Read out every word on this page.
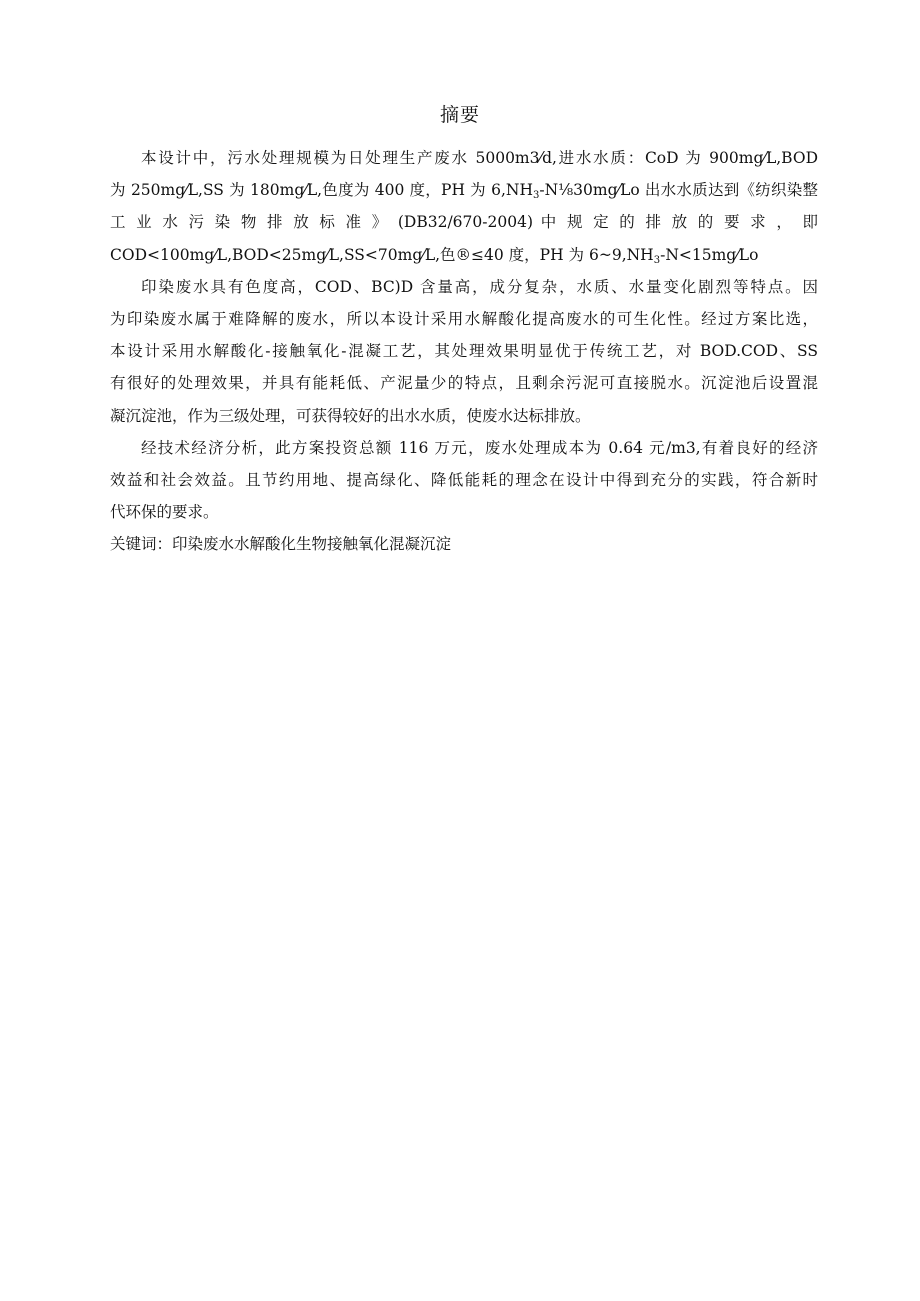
摘要
本设计中，污水处理规模为日处理生产废水 5000m3⁄d,进水水质：CoD 为 900mg⁄L,BOD
为 250mg⁄L,SS 为 180mg⁄L,色度为 400 度，PH 为 $6,NH_3-N\frac{1}{8}30mg⁄Lo$ 出水水质达到《纺织染整
工 业 水 污 染 物 排 放 标 准 》 (DB32/670-2004) 中 规 定 的 排 放 的 要 求 ， 即
COD<100mg⁄L,BOD<25mg⁄L,SS<70mg⁄L,色®≤40 度，PH 为 $6\sim 9,NH_3-N<15mg⁄Lo$
印染废水具有色度高，COD、BC)D 含量高，成分复杂，水质、水量变化剧烈等特点。因
为印染废水属于难降解的废水，所以本设计采用水解酸化提高废水的可生化性。经过方案比选，
本设计采用水解酸化-接触氧化-混凝工艺，其处理效果明显优于传统工艺，对 BOD.COD、SS
有很好的处理效果，并具有能耗低、产泥量少的特点，且剩余污泥可直接脱水。沉淀池后设置混
凝沉淀池，作为三级处理，可获得较好的出水水质，使废水达标排放。
经技术经济分析，此方案投资总额 116 万元，废水处理成本为 0.64 元/m3,有着良好的经济
效益和社会效益。且节约用地、提高绿化、降低能耗的理念在设计中得到充分的实践，符合新时
代环保的要求。
关键词：印染废水水解酸化生物接触氧化混凝沉淀
